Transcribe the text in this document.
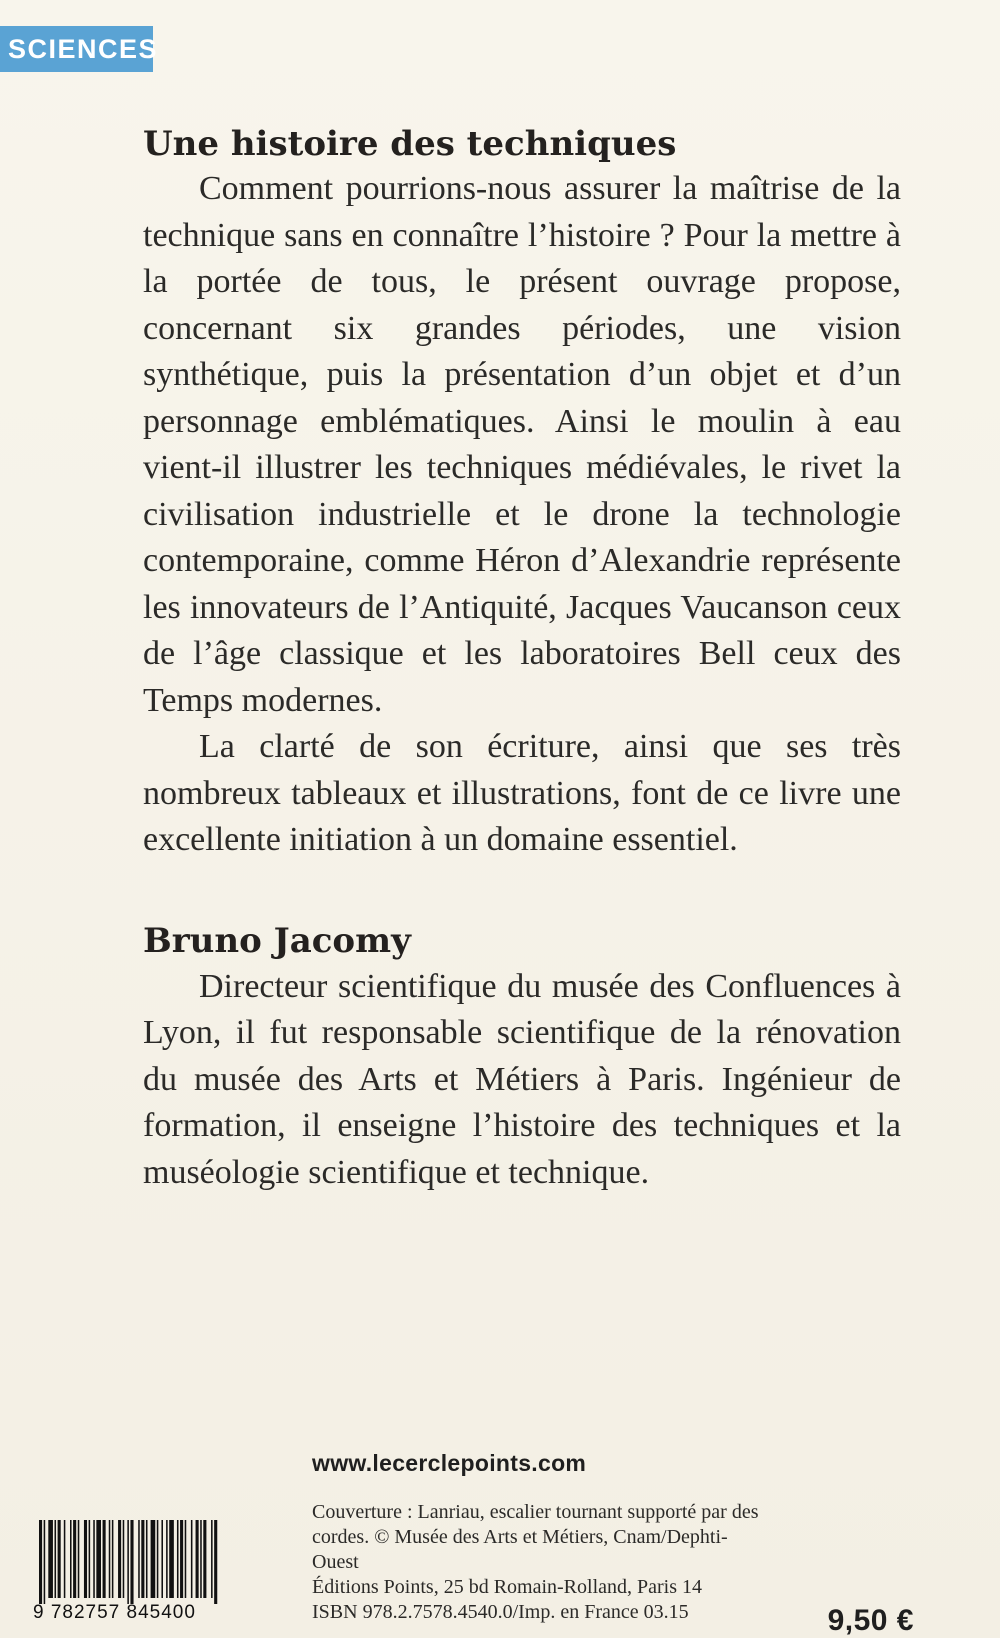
SCIENCES
Une histoire des techniques

Comment pourrions-nous assurer la maîtrise de la technique sans en connaître l’histoire ? Pour la mettre à la portée de tous, le présent ouvrage propose, concernant six grandes périodes, une vision synthétique, puis la présentation d’un objet et d’un personnage emblématiques. Ainsi le moulin à eau vient-il illustrer les techniques médiévales, le rivet la civilisation industrielle et le drone la technologie contemporaine, comme Héron d’Alexandrie représente les innovateurs de l’Antiquité, Jacques Vaucanson ceux de l’âge classique et les laboratoires Bell ceux des Temps modernes.

La clarté de son écriture, ainsi que ses très nombreux tableaux et illustrations, font de ce livre une excellente initiation à un domaine essentiel.

Bruno Jacomy

Directeur scientifique du musée des Confluences à Lyon, il fut responsable scientifique de la rénovation du musée des Arts et Métiers à Paris. Ingénieur de formation, il enseigne l’histoire des techniques et la muséologie scientifique et technique.

www.lecerclepoints.com

Couverture : Lanriau, escalier tournant supporté par des cordes. © Musée des Arts et Métiers, Cnam/Dephti-Ouest

Éditions Points, 25 bd Romain-Rolland, Paris 14

ISBN 978.2.7578.4540.0/Imp. en France 03.15

9 782757 845400	9,50 €
